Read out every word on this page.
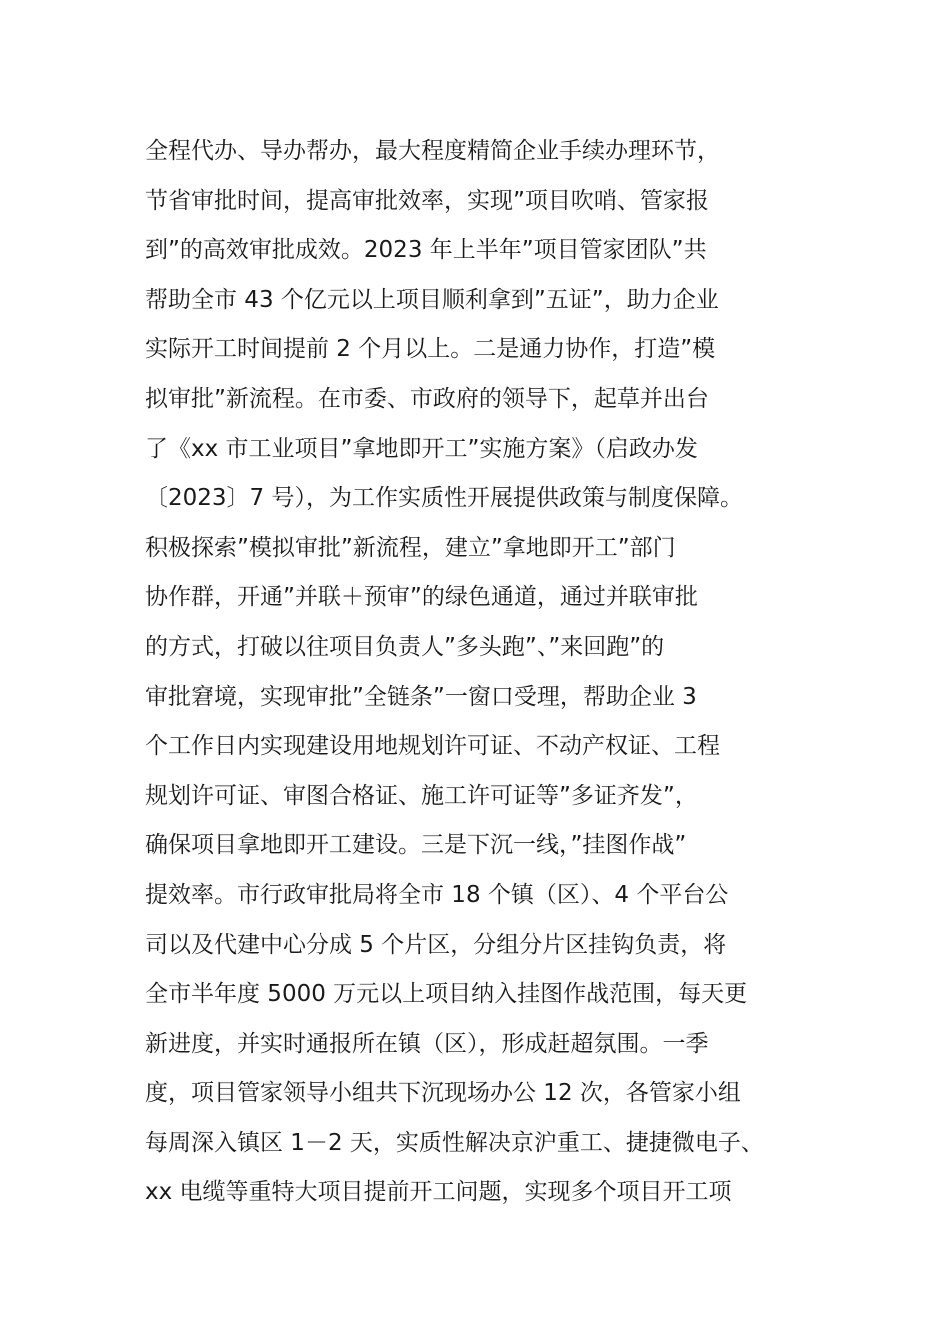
全程代办、导办帮办，最大程度精简企业手续办理环节，
节省审批时间，提高审批效率，实现”项目吹哨、管家报
到”的高效审批成效。2023 年上半年”项目管家团队”共
帮助全市 43 个亿元以上项目顺利拿到”五证”，助力企业
实际开工时间提前 2 个月以上。二是通力协作，打造”模
拟审批”新流程。在市委、市政府的领导下，起草并出台
了《xx 市工业项目”拿地即开工”实施方案》（启政办发
〔2023〕7 号），为工作实质性开展提供政策与制度保障。
积极探索”模拟审批”新流程，建立”拿地即开工”部门
协作群，开通”并联＋预审”的绿色通道，通过并联审批
的方式，打破以往项目负责人”多头跑”、”来回跑”的
审批窘境，实现审批”全链条”一窗口受理，帮助企业 3
个工作日内实现建设用地规划许可证、不动产权证、工程
规划许可证、审图合格证、施工许可证等”多证齐发”，
确保项目拿地即开工建设。三是下沉一线，”挂图作战”
提效率。市行政审批局将全市 18 个镇（区）、4 个平台公
司以及代建中心分成 5 个片区，分组分片区挂钩负责，将
全市半年度 5000 万元以上项目纳入挂图作战范围，每天更
新进度，并实时通报所在镇（区），形成赶超氛围。一季
度，项目管家领导小组共下沉现场办公 12 次，各管家小组
每周深入镇区 1－2 天，实质性解决京沪重工、捷捷微电子、
xx 电缆等重特大项目提前开工问题，实现多个项目开工项
